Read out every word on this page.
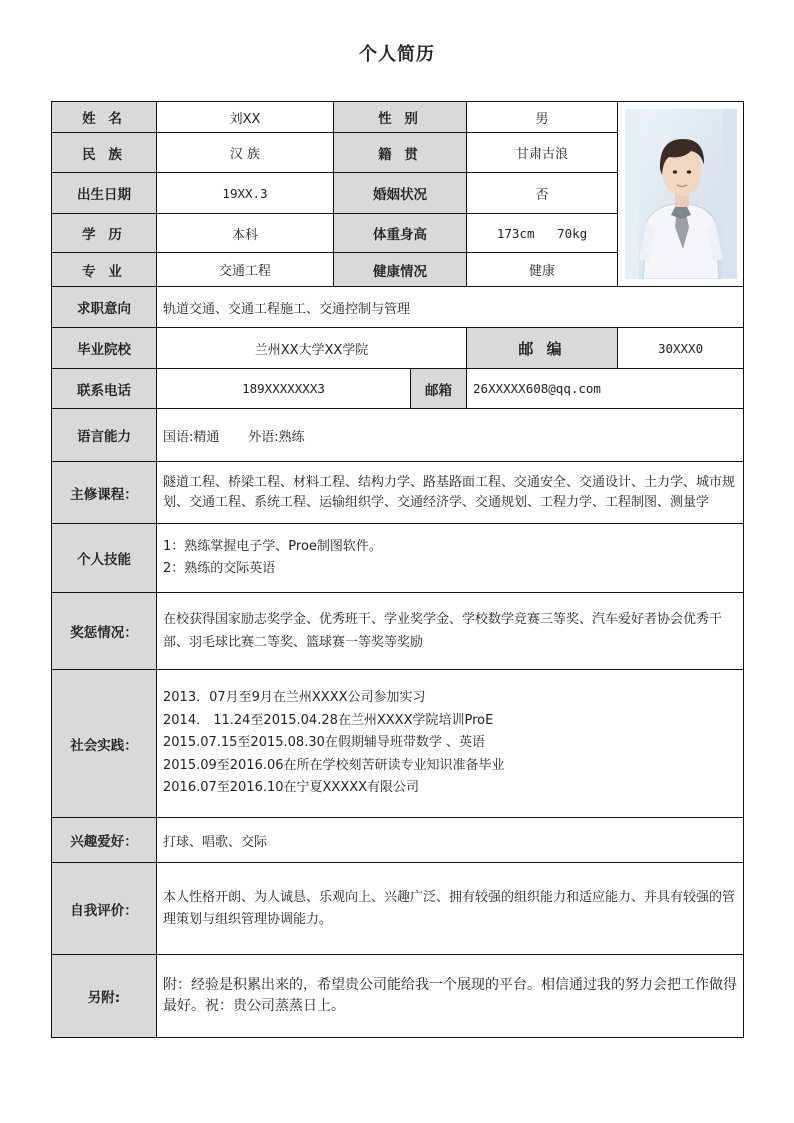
个人简历
姓 名	刘XX	性 别		男	

民 族	汉 族	籍 贯		甘肃古浪	
出生日期	19XX.3	婚姻状况		否	
学 历	本科	体重身高		173cm   70kg	
专 业	交通工程	健康情况		健康	
求职意向	轨道交通、交通工程施工、交通控制与管理				
毕业院校	兰州XX大学XX学院			邮 编	30XXX0
联系电话	189XXXXXXX3		邮箱	26XXXXX608@qq.com	
语言能力	国语:精通       外语:熟练				
主修课程：	隧道工程、桥梁工程、材料工程、结构力学、路基路面工程、交通安全、交通设计、土力学、城市规划、交通工程、系统工程、运输组织学、交通经济学、交通规划、工程力学、工程制图、测量学				
个人技能	1：熟练掌握电子学、Proe制图软件。
2：熟练的交际英语				

奖惩情况：	在校获得国家励志奖学金、优秀班干、学业奖学金、学校数学竞赛三等奖、汽车爱好者协会优秀干部、羽毛球比赛二等奖、篮球赛一等奖等奖励				
社会实践：	2013．07月至9月在兰州XXXX公司参加实习
2014． 11.24至2015.04.28在兰州XXXX学院培训ProE
2015.07.15至2015.08.30在假期辅导班带数学 、英语
2015.09至2016.06在所在学校刻苦研读专业知识准备毕业
2016.07至2016.10在宁夏XXXXX有限公司				

兴趣爱好：	打球、唱歌、交际				
自我评价：	本人性格开朗、为人诚恳、乐观向上、兴趣广泛、拥有较强的组织能力和适应能力、并具有较强的管理策划与组织管理协调能力。				
另附:	附：经验是积累出来的，希望贵公司能给我一个展现的平台。相信通过我的努力会把工作做得最好。祝：贵公司蒸蒸日上。				
